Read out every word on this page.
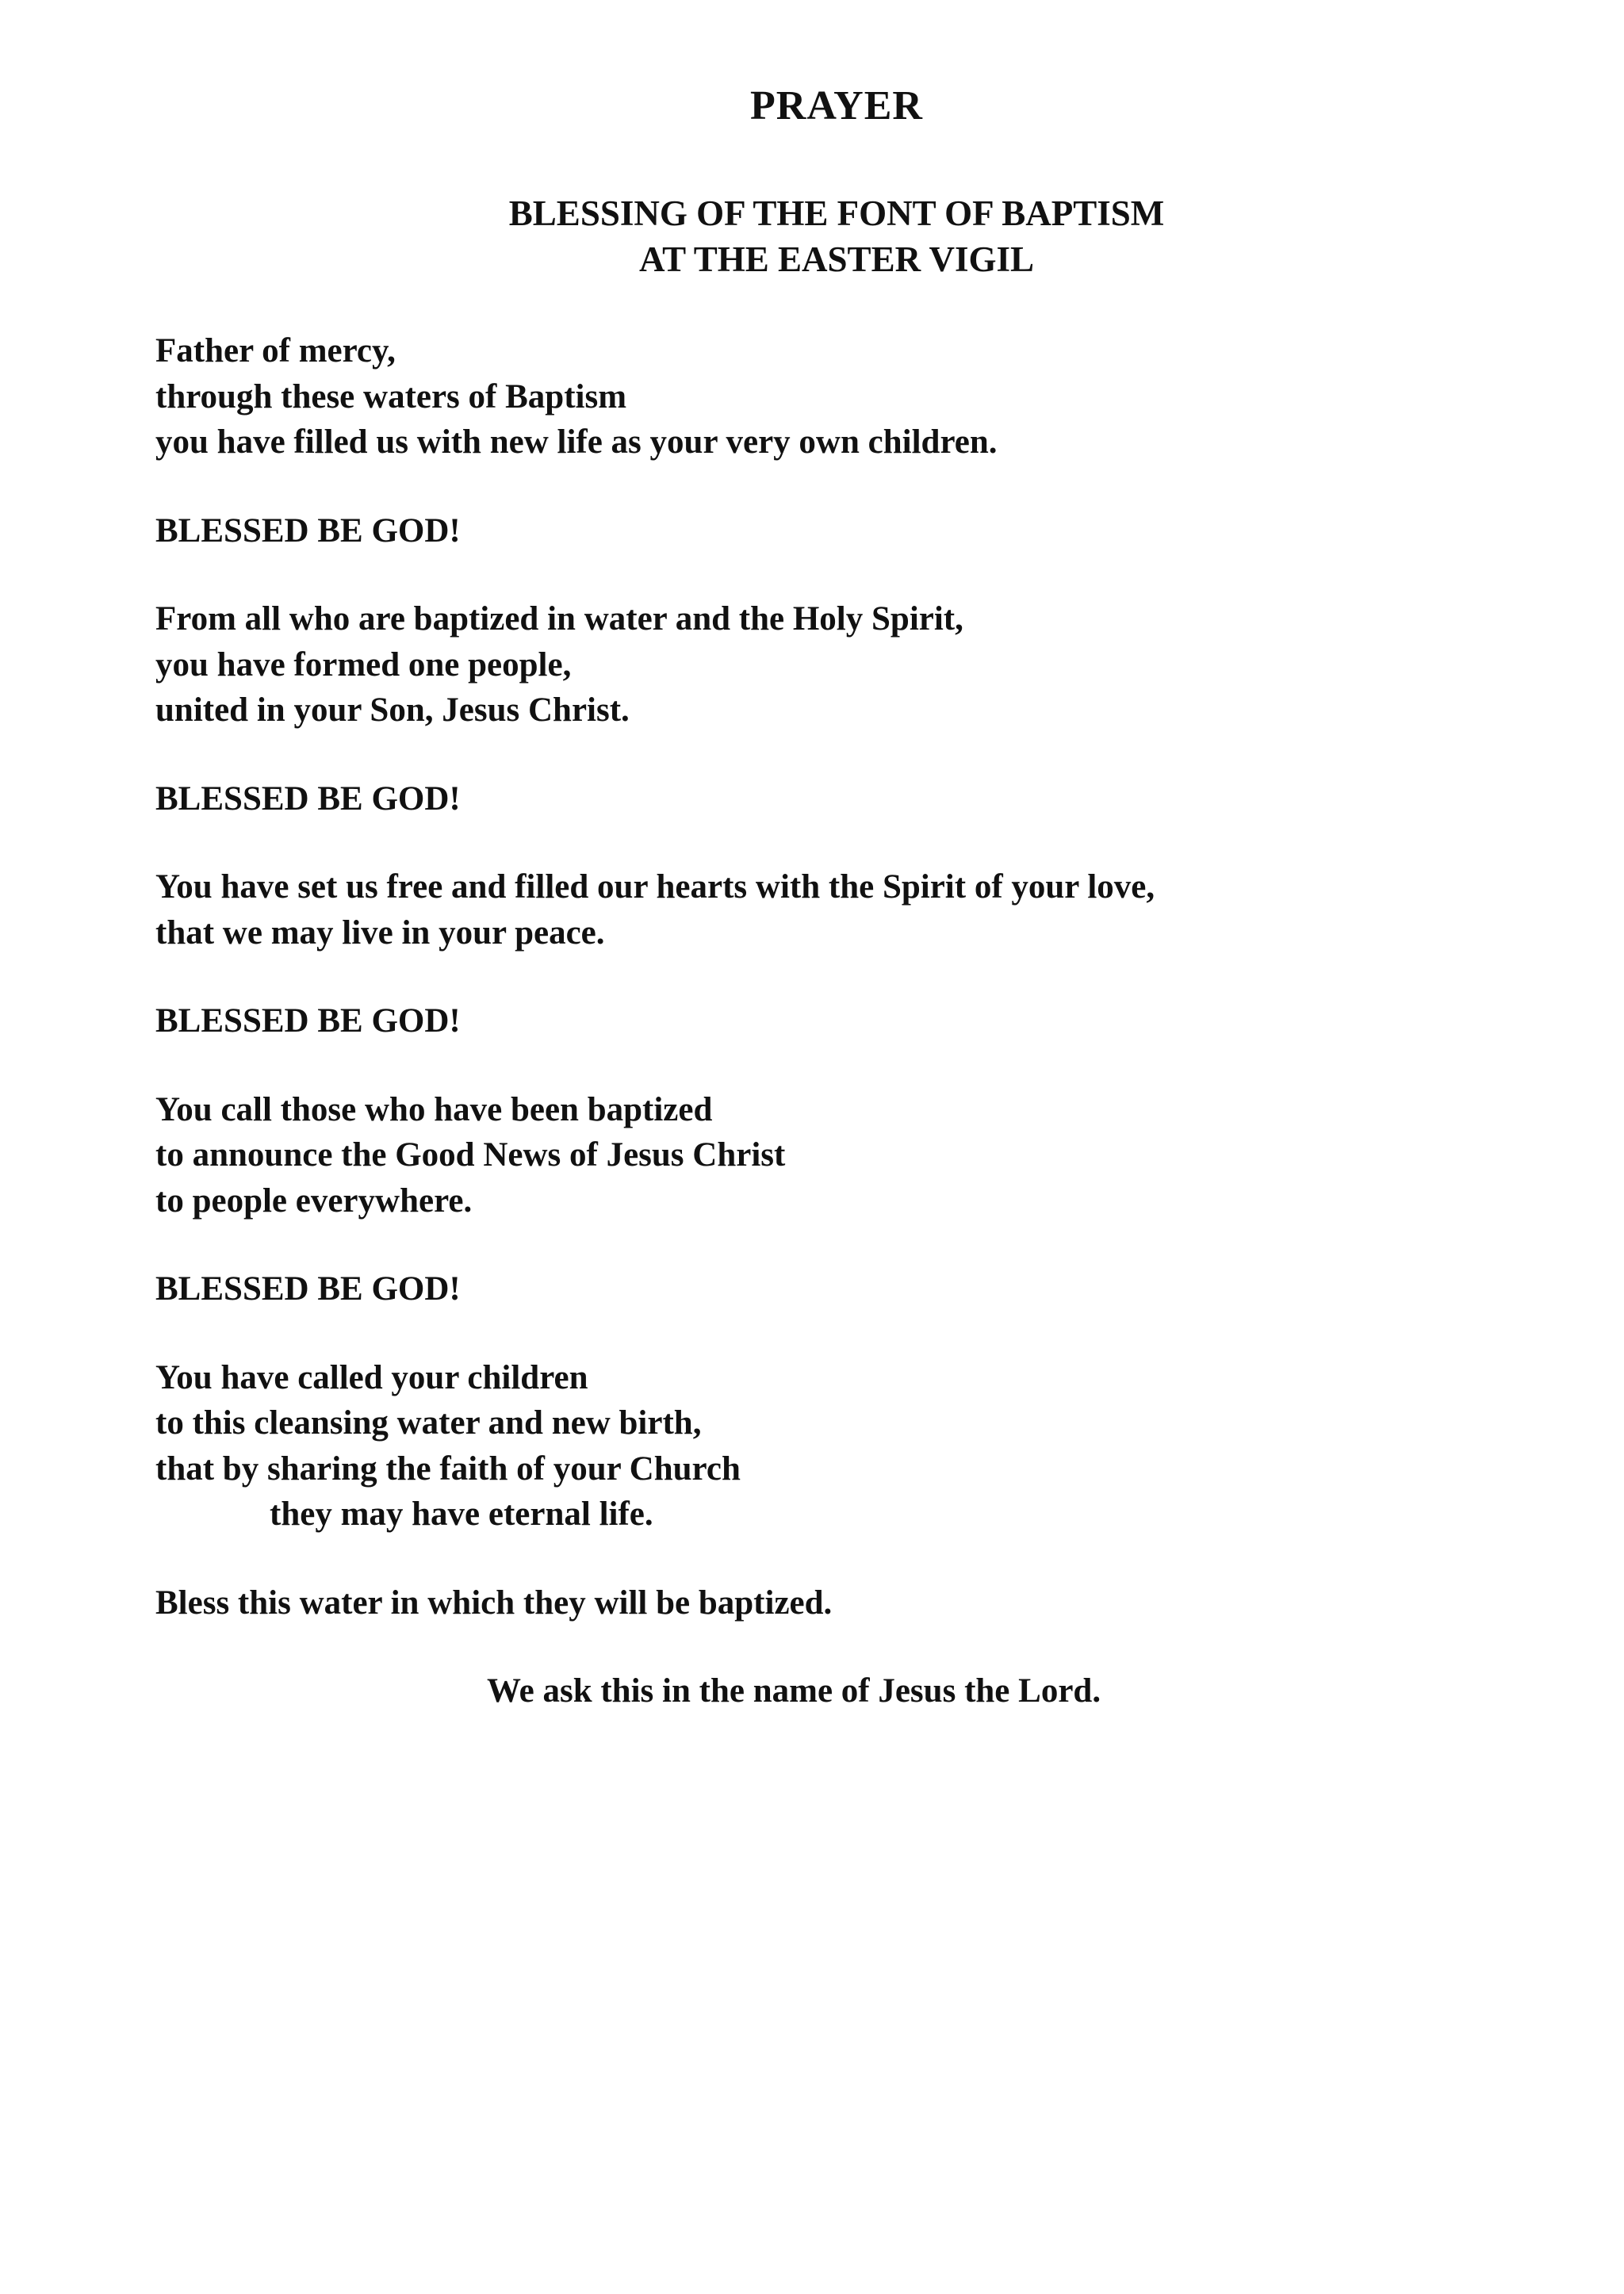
PRAYER
BLESSING OF THE FONT OF BAPTISM
AT THE EASTER VIGIL

Father of mercy,
through these waters of Baptism
you have filled us with new life as your very own children.

BLESSED BE GOD!

From all who are baptized in water and the Holy Spirit,
you have formed one people,
united in your Son, Jesus Christ.

BLESSED BE GOD!

You have set us free and filled our hearts with the Spirit of your love,
that we may live in your peace.

BLESSED BE GOD!

You call those who have been baptized
to announce the Good News of Jesus Christ
to people everywhere.

BLESSED BE GOD!

You have called your children
to this cleansing water and new birth,
that by sharing the faith of your Church
they may have eternal life.

Bless this water in which they will be baptized.

We ask this in the name of Jesus the Lord.
